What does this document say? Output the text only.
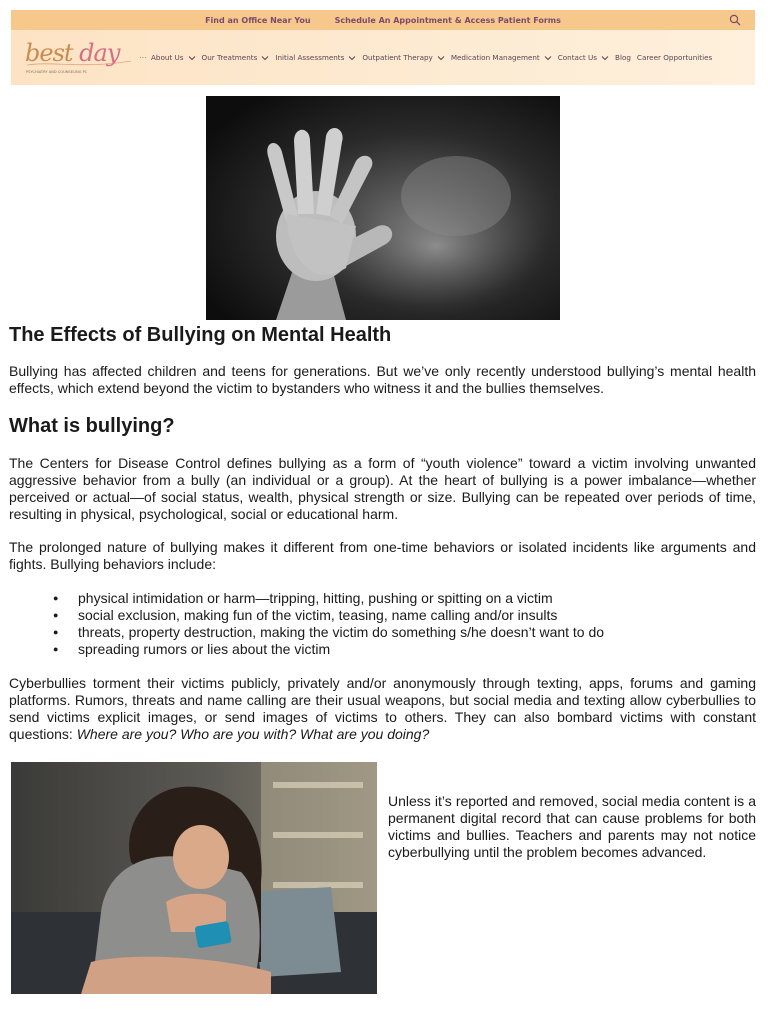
Find an Office Near You	Schedule An Appointment & Access Patient Forms
best day
PSYCHIATRY AND COUNSELING PC
··· About Us	Our Treatments	Initial Assessments	Outpatient Therapy	Medication Management	Contact Us	Blog Career Opportunities
The Effects of Bullying on Mental Health

Bullying has affected children and teens for generations. But we’ve only recently understood bullying’s mental health effects, which extend beyond the victim to bystanders who witness it and the bullies themselves.

What is bullying?

The Centers for Disease Control defines bullying as a form of “youth violence” toward a victim involving unwanted aggressive behavior from a bully (an individual or a group). At the heart of bullying is a power imbalance—whether perceived or actual—of social status, wealth, physical strength or size. Bullying can be repeated over periods of time, resulting in physical, psychological, social or educational harm.

The prolonged nature of bullying makes it different from one-time behaviors or isolated incidents like arguments and fights. Bullying behaviors include:

● physical intimidation or harm—tripping, hitting, pushing or spitting on a victim
● social exclusion, making fun of the victim, teasing, name calling and/or insults
● threats, property destruction, making the victim do something s/he doesn’t want to do
● spreading rumors or lies about the victim

Cyberbullies torment their victims publicly, privately and/or anonymously through texting, apps, forums and gaming platforms. Rumors, threats and name calling are their usual weapons, but social media and texting allow cyberbullies to send victims explicit images, or send images of victims to others. They can also bombard victims with constant questions: Where are you? Who are you with? What are you doing?

Unless it’s reported and removed, social media content is a permanent digital record that can cause problems for both victims and bullies. Teachers and parents may not notice cyberbullying until the problem becomes advanced.
